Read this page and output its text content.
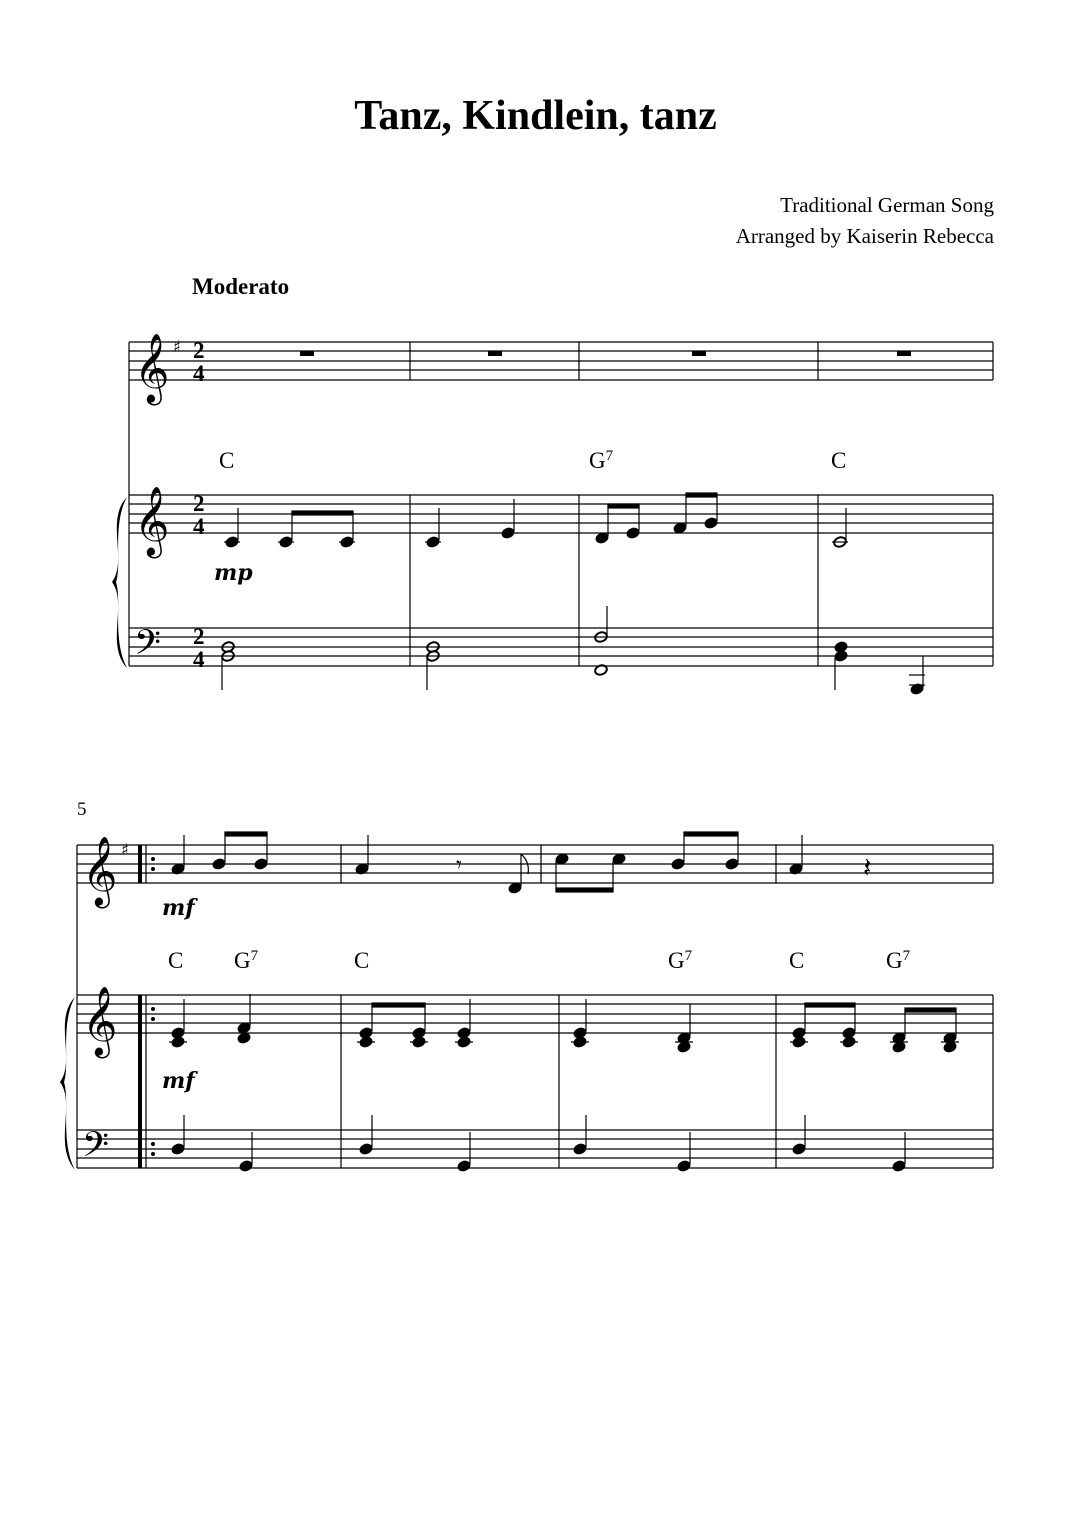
Tanz, Kindlein, tanz
Traditional German Song
Arranged by Kaiserin Rebecca
Moderato
𝄞
𝄞
𝄢
𝄞
𝄞
𝄢
♯
♯
2
4
2
4
2
4
C	$G^7$	C
mp
5
𝄾	𝄽
mf
C $G^7$	C	$G^7$	C	$G^7$
mf
